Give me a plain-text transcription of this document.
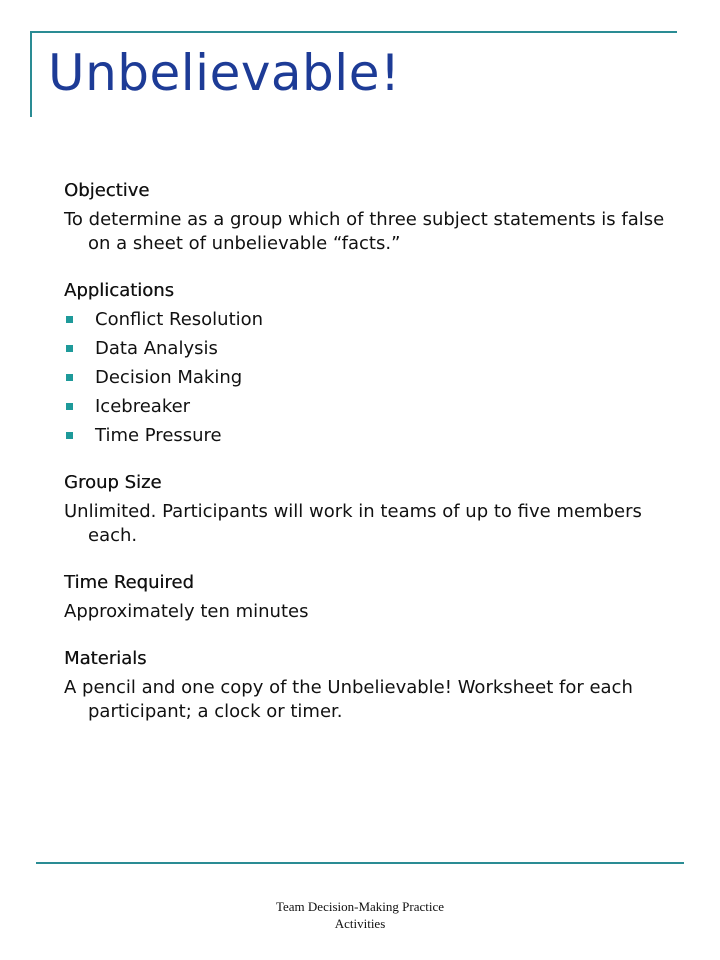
Unbelievable!
Objective

To determine as a group which of three subject statements is false on a sheet of unbelievable “facts.”

Applications
Conflict Resolution
Data Analysis
Decision Making
Icebreaker
Time Pressure
Group Size

Unlimited. Participants will work in teams of up to five members each.

Time Required

Approximately ten minutes

Materials

A pencil and one copy of the Unbelievable! Worksheet for each participant; a clock or timer.

Team Decision-Making Practice
Activities
